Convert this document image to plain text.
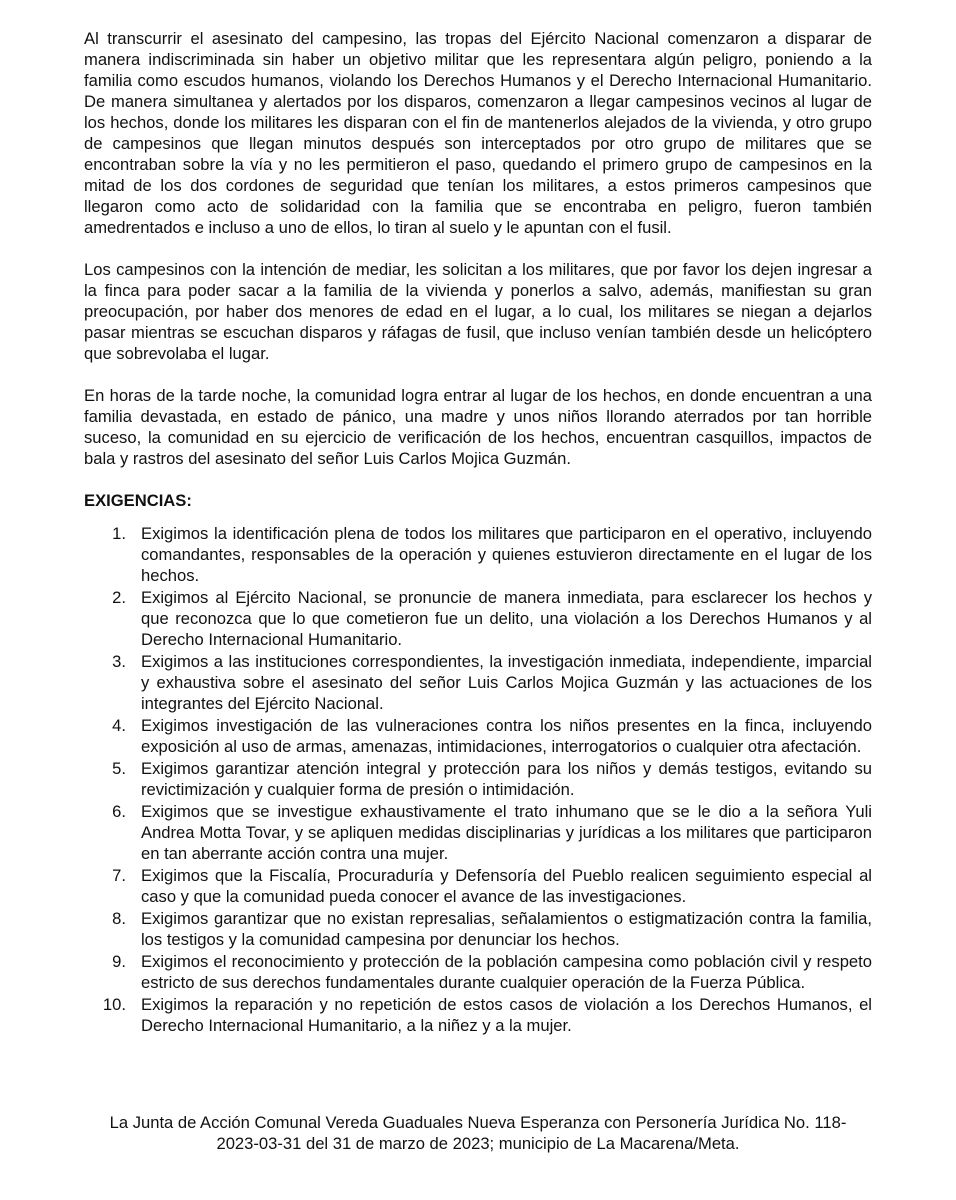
Al transcurrir el asesinato del campesino, las tropas del Ejército Nacional comenzaron a disparar de manera indiscriminada sin haber un objetivo militar que les representara algún peligro, poniendo a la familia como escudos humanos, violando los Derechos Humanos y el Derecho Internacional Humanitario. De manera simultanea y alertados por los disparos, comenzaron a llegar campesinos vecinos al lugar de los hechos, donde los militares les disparan con el fin de mantenerlos alejados de la vivienda, y otro grupo de campesinos que llegan minutos después son interceptados por otro grupo de militares que se encontraban sobre la vía y no les permitieron el paso, quedando el primero grupo de campesinos en la mitad de los dos cordones de seguridad que tenían los militares, a estos primeros campesinos que llegaron como acto de solidaridad con la familia que se encontraba en peligro, fueron también amedrentados e incluso a uno de ellos, lo tiran al suelo y le apuntan con el fusil.

Los campesinos con la intención de mediar, les solicitan a los militares, que por favor los dejen ingresar a la finca para poder sacar a la familia de la vivienda y ponerlos a salvo, además, manifiestan su gran preocupación, por haber dos menores de edad en el lugar, a lo cual, los militares se niegan a dejarlos pasar mientras se escuchan disparos y ráfagas de fusil, que incluso venían también desde un helicóptero que sobrevolaba el lugar.

En horas de la tarde noche, la comunidad logra entrar al lugar de los hechos, en donde encuentran a una familia devastada, en estado de pánico, una madre y unos niños llorando aterrados por tan horrible suceso, la comunidad en su ejercicio de verificación de los hechos, encuentran casquillos, impactos de bala y rastros del asesinato del señor Luis Carlos Mojica Guzmán.

EXIGENCIAS:
1. Exigimos la identificación plena de todos los militares que participaron en el operativo, incluyendo comandantes, responsables de la operación y quienes estuvieron directamente en el lugar de los hechos.
2. Exigimos al Ejército Nacional, se pronuncie de manera inmediata, para esclarecer los hechos y que reconozca que lo que cometieron fue un delito, una violación a los Derechos Humanos y al Derecho Internacional Humanitario.
3. Exigimos a las instituciones correspondientes, la investigación inmediata, independiente, imparcial y exhaustiva sobre el asesinato del señor Luis Carlos Mojica Guzmán y las actuaciones de los integrantes del Ejército Nacional.
4. Exigimos investigación de las vulneraciones contra los niños presentes en la finca, incluyendo exposición al uso de armas, amenazas, intimidaciones, interrogatorios o cualquier otra afectación.
5. Exigimos garantizar atención integral y protección para los niños y demás testigos, evitando su revictimización y cualquier forma de presión o intimidación.
6. Exigimos que se investigue exhaustivamente el trato inhumano que se le dio a la señora Yuli Andrea Motta Tovar, y se apliquen medidas disciplinarias y jurídicas a los militares que participaron en tan aberrante acción contra una mujer.
7. Exigimos que la Fiscalía, Procuraduría y Defensoría del Pueblo realicen seguimiento especial al caso y que la comunidad pueda conocer el avance de las investigaciones.
8. Exigimos garantizar que no existan represalias, señalamientos o estigmatización contra la familia, los testigos y la comunidad campesina por denunciar los hechos.
9. Exigimos el reconocimiento y protección de la población campesina como población civil y respeto estricto de sus derechos fundamentales durante cualquier operación de la Fuerza Pública.
10. Exigimos la reparación y no repetición de estos casos de violación a los Derechos Humanos, el Derecho Internacional Humanitario, a la niñez y a la mujer.
La Junta de Acción Comunal Vereda Guaduales Nueva Esperanza con Personería Jurídica No. 118-
2023-03-31 del 31 de marzo de 2023; municipio de La Macarena/Meta.
